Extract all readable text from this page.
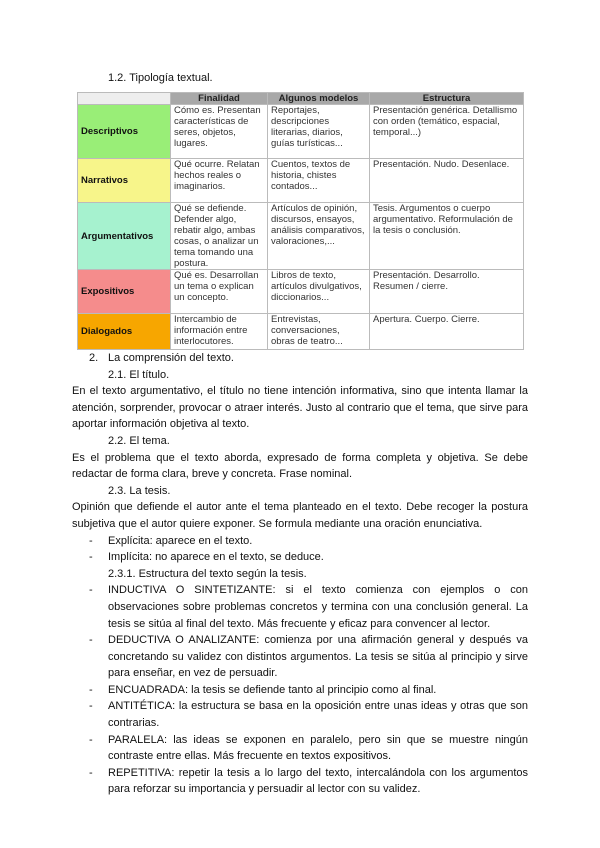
1.2. Tipología textual.
	Finalidad	Algunos modelos	Estructura
Descriptivos	Cómo es. Presentan características de seres, objetos, lugares.	Reportajes, descripciones literarias, diarios, guías turísticas...	Presentación genérica. Detallismo con orden (temático, espacial, temporal...)
Narrativos	Qué ocurre. Relatan hechos reales o imaginarios.	Cuentos, textos de historia, chistes contados...	Presentación. Nudo. Desenlace.
Argumentativos	Qué se defiende. Defender algo, rebatir algo, ambas cosas, o analizar un tema tomando una postura.	Artículos de opinión, discursos, ensayos, análisis comparativos, valoraciones,...	Tesis. Argumentos o cuerpo argumentativo. Reformulación de la tesis o conclusión.
Expositivos	Qué es. Desarrollan un tema o explican un concepto.	Libros de texto, artículos divulgativos, diccionarios...	Presentación. Desarrollo. Resumen / cierre.
Dialogados	Intercambio de información entre interlocutores.	Entrevistas, conversaciones, obras de teatro...	Apertura. Cuerpo. Cierre.

2. La comprensión del texto.

2.1. El título.

En el texto argumentativo, el título no tiene intención informativa, sino que intenta llamar la atención, sorprender, provocar o atraer interés. Justo al contrario que el tema, que sirve para aportar información objetiva al texto.

2.2. El tema.

Es el problema que el texto aborda, expresado de forma completa y objetiva. Se debe redactar de forma clara, breve y concreta. Frase nominal.

2.3. La tesis.

Opinión que defiende el autor ante el tema planteado en el texto. Debe recoger la postura subjetiva que el autor quiere exponer. Se formula mediante una oración enunciativa.

- Explícita: aparece en el texto.

- Implícita: no aparece en el texto, se deduce.

2.3.1. Estructura del texto según la tesis.

- INDUCTIVA O SINTETIZANTE: si el texto comienza con ejemplos o con observaciones sobre problemas concretos y termina con una conclusión general. La tesis se sitúa al final del texto. Más frecuente y eficaz para convencer al lector.

- DEDUCTIVA O ANALIZANTE: comienza por una afirmación general y después va concretando su validez con distintos argumentos. La tesis se sitúa al principio y sirve para enseñar, en vez de persuadir.

- ENCUADRADA: la tesis se defiende tanto al principio como al final.

- ANTITÉTICA: la estructura se basa en la oposición entre unas ideas y otras que son contrarias.

- PARALELA: las ideas se exponen en paralelo, pero sin que se muestre ningún contraste entre ellas. Más frecuente en textos expositivos.

- REPETITIVA: repetir la tesis a lo largo del texto, intercalándola con los argumentos para reforzar su importancia y persuadir al lector con su validez.
